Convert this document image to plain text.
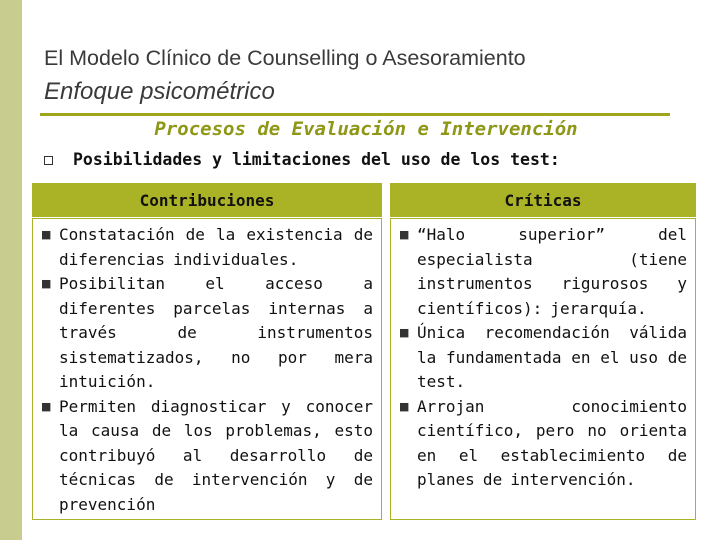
El Modelo Clínico de Counselling o Asesoramiento
Enfoque psicométrico
Procesos de Evaluación e Intervención
Posibilidades y limitaciones del uso de los test:
Contribuciones	Críticas
■ Constatación de la existencia de diferencias individuales.
■ Posibilitan el acceso a diferentes parcelas internas a través de instrumentos sistematizados, no por mera intuición.
■ Permiten diagnosticar y conocer la causa de los problemas, esto contribuyó al desarrollo de técnicas de intervención y de prevención
■ “Halo superior” del especialista (tiene instrumentos rigurosos y científicos): jerarquía.
■ Única recomendación válida la fundamentada en el uso de test.
■ Arrojan conocimiento científico, pero no orienta en el establecimiento de planes de intervención.
